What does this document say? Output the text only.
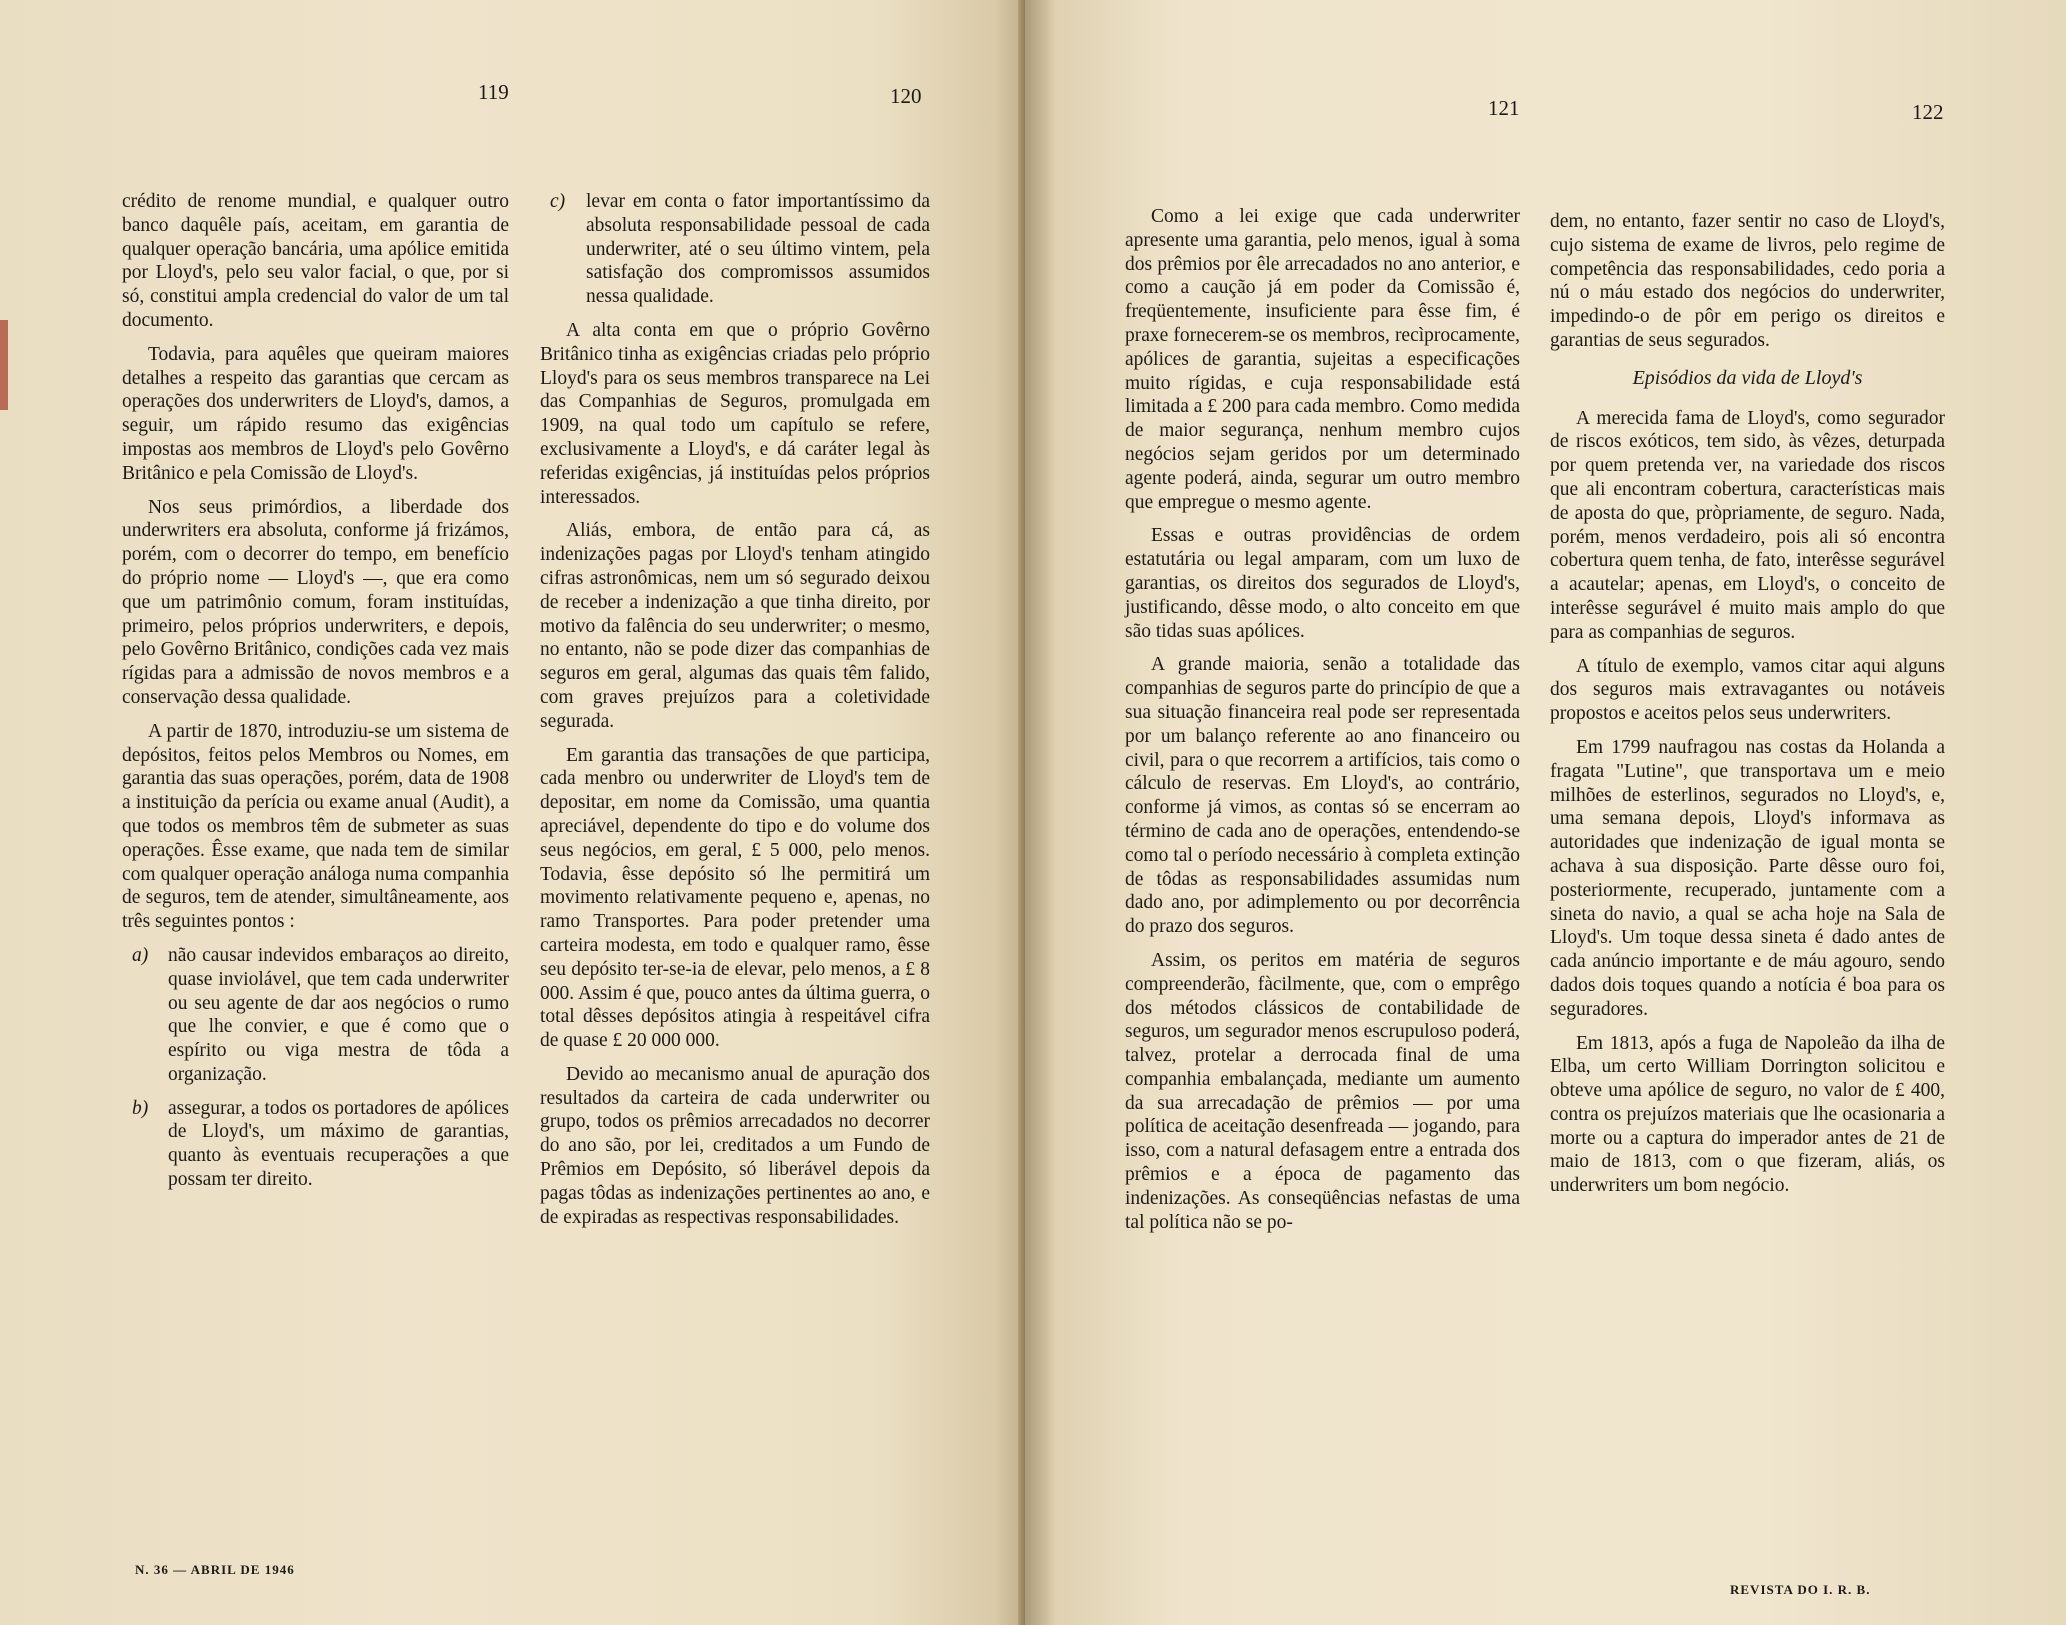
119	120

crédito de renome mundial, e qualquer outro banco daquêle país, aceitam, em garantia de qualquer operação bancária, uma apólice emitida por Lloyd's, pelo seu valor facial, o que, por si só, constitui ampla credencial do valor de um tal documento.

Todavia, para aquêles que queiram maiores detalhes a respeito das garantias que cercam as operações dos underwriters de Lloyd's, damos, a seguir, um rápido resumo das exigências impostas aos membros de Lloyd's pelo Govêrno Britânico e pela Comissão de Lloyd's.

Nos seus primórdios, a liberdade dos underwriters era absoluta, conforme já frizámos, porém, com o decorrer do tempo, em benefício do próprio nome — Lloyd's —, que era como que um patrimônio comum, foram instituídas, primeiro, pelos próprios underwriters, e depois, pelo Govêrno Britânico, condições cada vez mais rígidas para a admissão de novos membros e a conservação dessa qualidade.

A partir de 1870, introduziu-se um sistema de depósitos, feitos pelos Membros ou Nomes, em garantia das suas operações, porém, data de 1908 a instituição da perícia ou exame anual (Audit), a que todos os membros têm de submeter as suas operações. Êsse exame, que nada tem de similar com qualquer operação análoga numa companhia de seguros, tem de atender, simultâneamente, aos três seguintes pontos :

a)	não causar indevidos embaraços ao direito, quase inviolável, que tem cada underwriter ou seu agente de dar aos negócios o rumo que lhe convier, e que é como que o espírito ou viga mestra de tôda a organização.
b)	assegurar, a todos os portadores de apólices de Lloyd's, um máximo de garantias, quanto às eventuais recuperações a que possam ter direito.
c)	levar em conta o fator importantíssimo da absoluta responsabilidade pessoal de cada underwriter, até o seu último vintem, pela satisfação dos compromissos assumidos nessa qualidade.

A alta conta em que o próprio Govêrno Britânico tinha as exigências criadas pelo próprio Lloyd's para os seus membros transparece na Lei das Companhias de Seguros, promulgada em 1909, na qual todo um capítulo se refere, exclusivamente a Lloyd's, e dá caráter legal às referidas exigências, já instituídas pelos próprios interessados.

Aliás, embora, de então para cá, as indenizações pagas por Lloyd's tenham atingido cifras astronômicas, nem um só segurado deixou de receber a indenização a que tinha direito, por motivo da falência do seu underwriter; o mesmo, no entanto, não se pode dizer das companhias de seguros em geral, algumas das quais têm falido, com graves prejuízos para a coletividade segurada.

Em garantia das transações de que participa, cada menbro ou underwriter de Lloyd's tem de depositar, em nome da Comissão, uma quantia apreciável, dependente do tipo e do volume dos seus negócios, em geral, £ 5 000, pelo menos. Todavia, êsse depósito só lhe permitirá um movimento relativamente pequeno e, apenas, no ramo Transportes. Para poder pretender uma carteira modesta, em todo e qualquer ramo, êsse seu depósito ter-se-ia de elevar, pelo menos, a £ 8 000. Assim é que, pouco antes da última guerra, o total dêsses depósitos atingia à respeitável cifra de quase £ 20 000 000.

Devido ao mecanismo anual de apuração dos resultados da carteira de cada underwriter ou grupo, todos os prêmios arrecadados no decorrer do ano são, por lei, creditados a um Fundo de Prêmios em Depósito, só liberável depois da pagas tôdas as indenizações pertinentes ao ano, e de expiradas as respectivas responsabilidades.

N. 36 — ABRIL DE 1946
121	122

Como a lei exige que cada underwriter apresente uma garantia, pelo menos, igual à soma dos prêmios por êle arrecadados no ano anterior, e como a caução já em poder da Comissão é, freqüentemente, insuficiente para êsse fim, é praxe fornecerem-se os membros, recìprocamente, apólices de garantia, sujeitas a especificações muito rígidas, e cuja responsabilidade está limitada a £ 200 para cada membro. Como medida de maior segurança, nenhum membro cujos negócios sejam geridos por um determinado agente poderá, ainda, segurar um outro membro que empregue o mesmo agente.

Essas e outras providências de ordem estatutária ou legal amparam, com um luxo de garantias, os direitos dos segurados de Lloyd's, justificando, dêsse modo, o alto conceito em que são tidas suas apólices.

A grande maioria, senão a totalidade das companhias de seguros parte do princípio de que a sua situação financeira real pode ser representada por um balanço referente ao ano financeiro ou civil, para o que recorrem a artifícios, tais como o cálculo de reservas. Em Lloyd's, ao contrário, conforme já vimos, as contas só se encerram ao término de cada ano de operações, entendendo-se como tal o período necessário à completa extinção de tôdas as responsabilidades assumidas num dado ano, por adimplemento ou por decorrência do prazo dos seguros.

Assim, os peritos em matéria de seguros compreenderão, fàcilmente, que, com o emprêgo dos métodos clássicos de contabilidade de seguros, um segurador menos escrupuloso poderá, talvez, protelar a derrocada final de uma companhia embalançada, mediante um aumento da sua arrecadação de prêmios — por uma política de aceitação desenfreada — jogando, para isso, com a natural defasagem entre a entrada dos prêmios e a época de pagamento das indenizações. As conseqüências nefastas de uma tal política não se po-

dem, no entanto, fazer sentir no caso de Lloyd's, cujo sistema de exame de livros, pelo regime de competência das responsabilidades, cedo poria a nú o máu estado dos negócios do underwriter, impedindo-o de pôr em perigo os direitos e garantias de seus segurados.

Episódios da vida de Lloyd's

A merecida fama de Lloyd's, como segurador de riscos exóticos, tem sido, às vêzes, deturpada por quem pretenda ver, na variedade dos riscos que ali encontram cobertura, características mais de aposta do que, pròpriamente, de seguro. Nada, porém, menos verdadeiro, pois ali só encontra cobertura quem tenha, de fato, interêsse segurável a acautelar; apenas, em Lloyd's, o conceito de interêsse segurável é muito mais amplo do que para as companhias de seguros.

A título de exemplo, vamos citar aqui alguns dos seguros mais extravagantes ou notáveis propostos e aceitos pelos seus underwriters.

Em 1799 naufragou nas costas da Holanda a fragata "Lutine", que transportava um e meio milhões de esterlinos, segurados no Lloyd's, e, uma semana depois, Lloyd's informava as autoridades que indenização de igual monta se achava à sua disposição. Parte dêsse ouro foi, posteriormente, recuperado, juntamente com a sineta do navio, a qual se acha hoje na Sala de Lloyd's. Um toque dessa sineta é dado antes de cada anúncio importante e de máu agouro, sendo dados dois toques quando a notícia é boa para os seguradores.

Em 1813, após a fuga de Napoleão da ilha de Elba, um certo William Dorrington solicitou e obteve uma apólice de seguro, no valor de £ 400, contra os prejuízos materiais que lhe ocasionaria a morte ou a captura do imperador antes de 21 de maio de 1813, com o que fizeram, aliás, os underwriters um bom negócio.

REVISTA DO I. R. B.
